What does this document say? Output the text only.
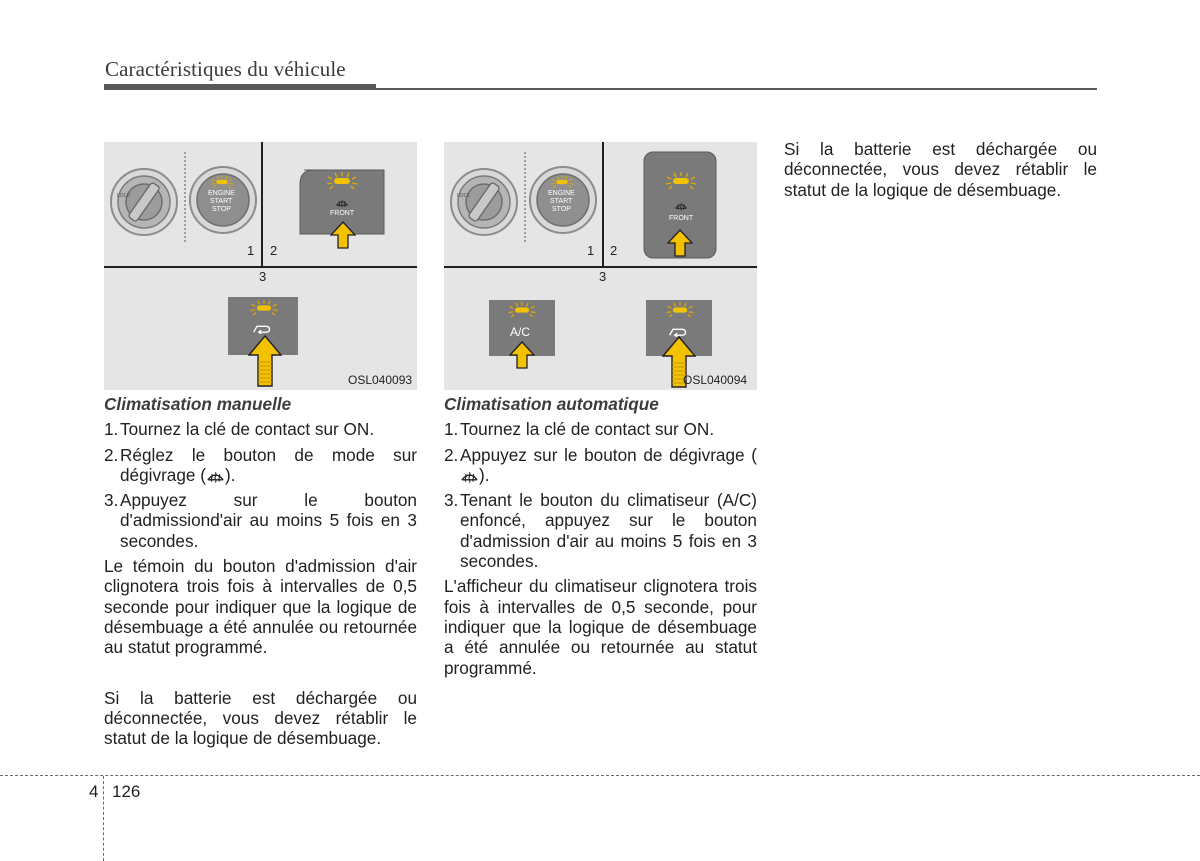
Caractéristiques du véhicule
1 2
3
ENGINE
START
STOP
FRONT
OSL040093
1 2
3
ENGINE
START
STOP
FRONT
A/C
OSL040094

Climatisation manuelle

1. Tournez la clé de contact sur ON.
2. Réglez le bouton de mode sur dégivrage ( ).
3. Appuyez sur le bouton d'admissiond'air au moins 5 fois en 3 secondes.

Le témoin du bouton d'admission d'air clignotera trois fois à intervalles de 0,5 seconde pour indiquer que la logique de désembuage a été annulée ou retournée au statut programmé.

Si la batterie est déchargée ou déconnectée, vous devez rétablir le statut de la logique de désembuage.

Climatisation automatique

1. Tournez la clé de contact sur ON.
2. Appuyez sur le bouton de dégivrage ().
3. Tenant le bouton du climatiseur (A/C) enfoncé, appuyez sur le bouton d'admission d'air au moins 5 fois en 3 secondes.

L'afficheur du climatiseur clignotera trois fois à intervalles de 0,5 seconde, pour indiquer que la logique de désembuage a été annulée ou retournée au statut programmé.

Si la batterie est déchargée ou déconnectée, vous devez rétablir le statut de la logique de désembuage.

4 126
